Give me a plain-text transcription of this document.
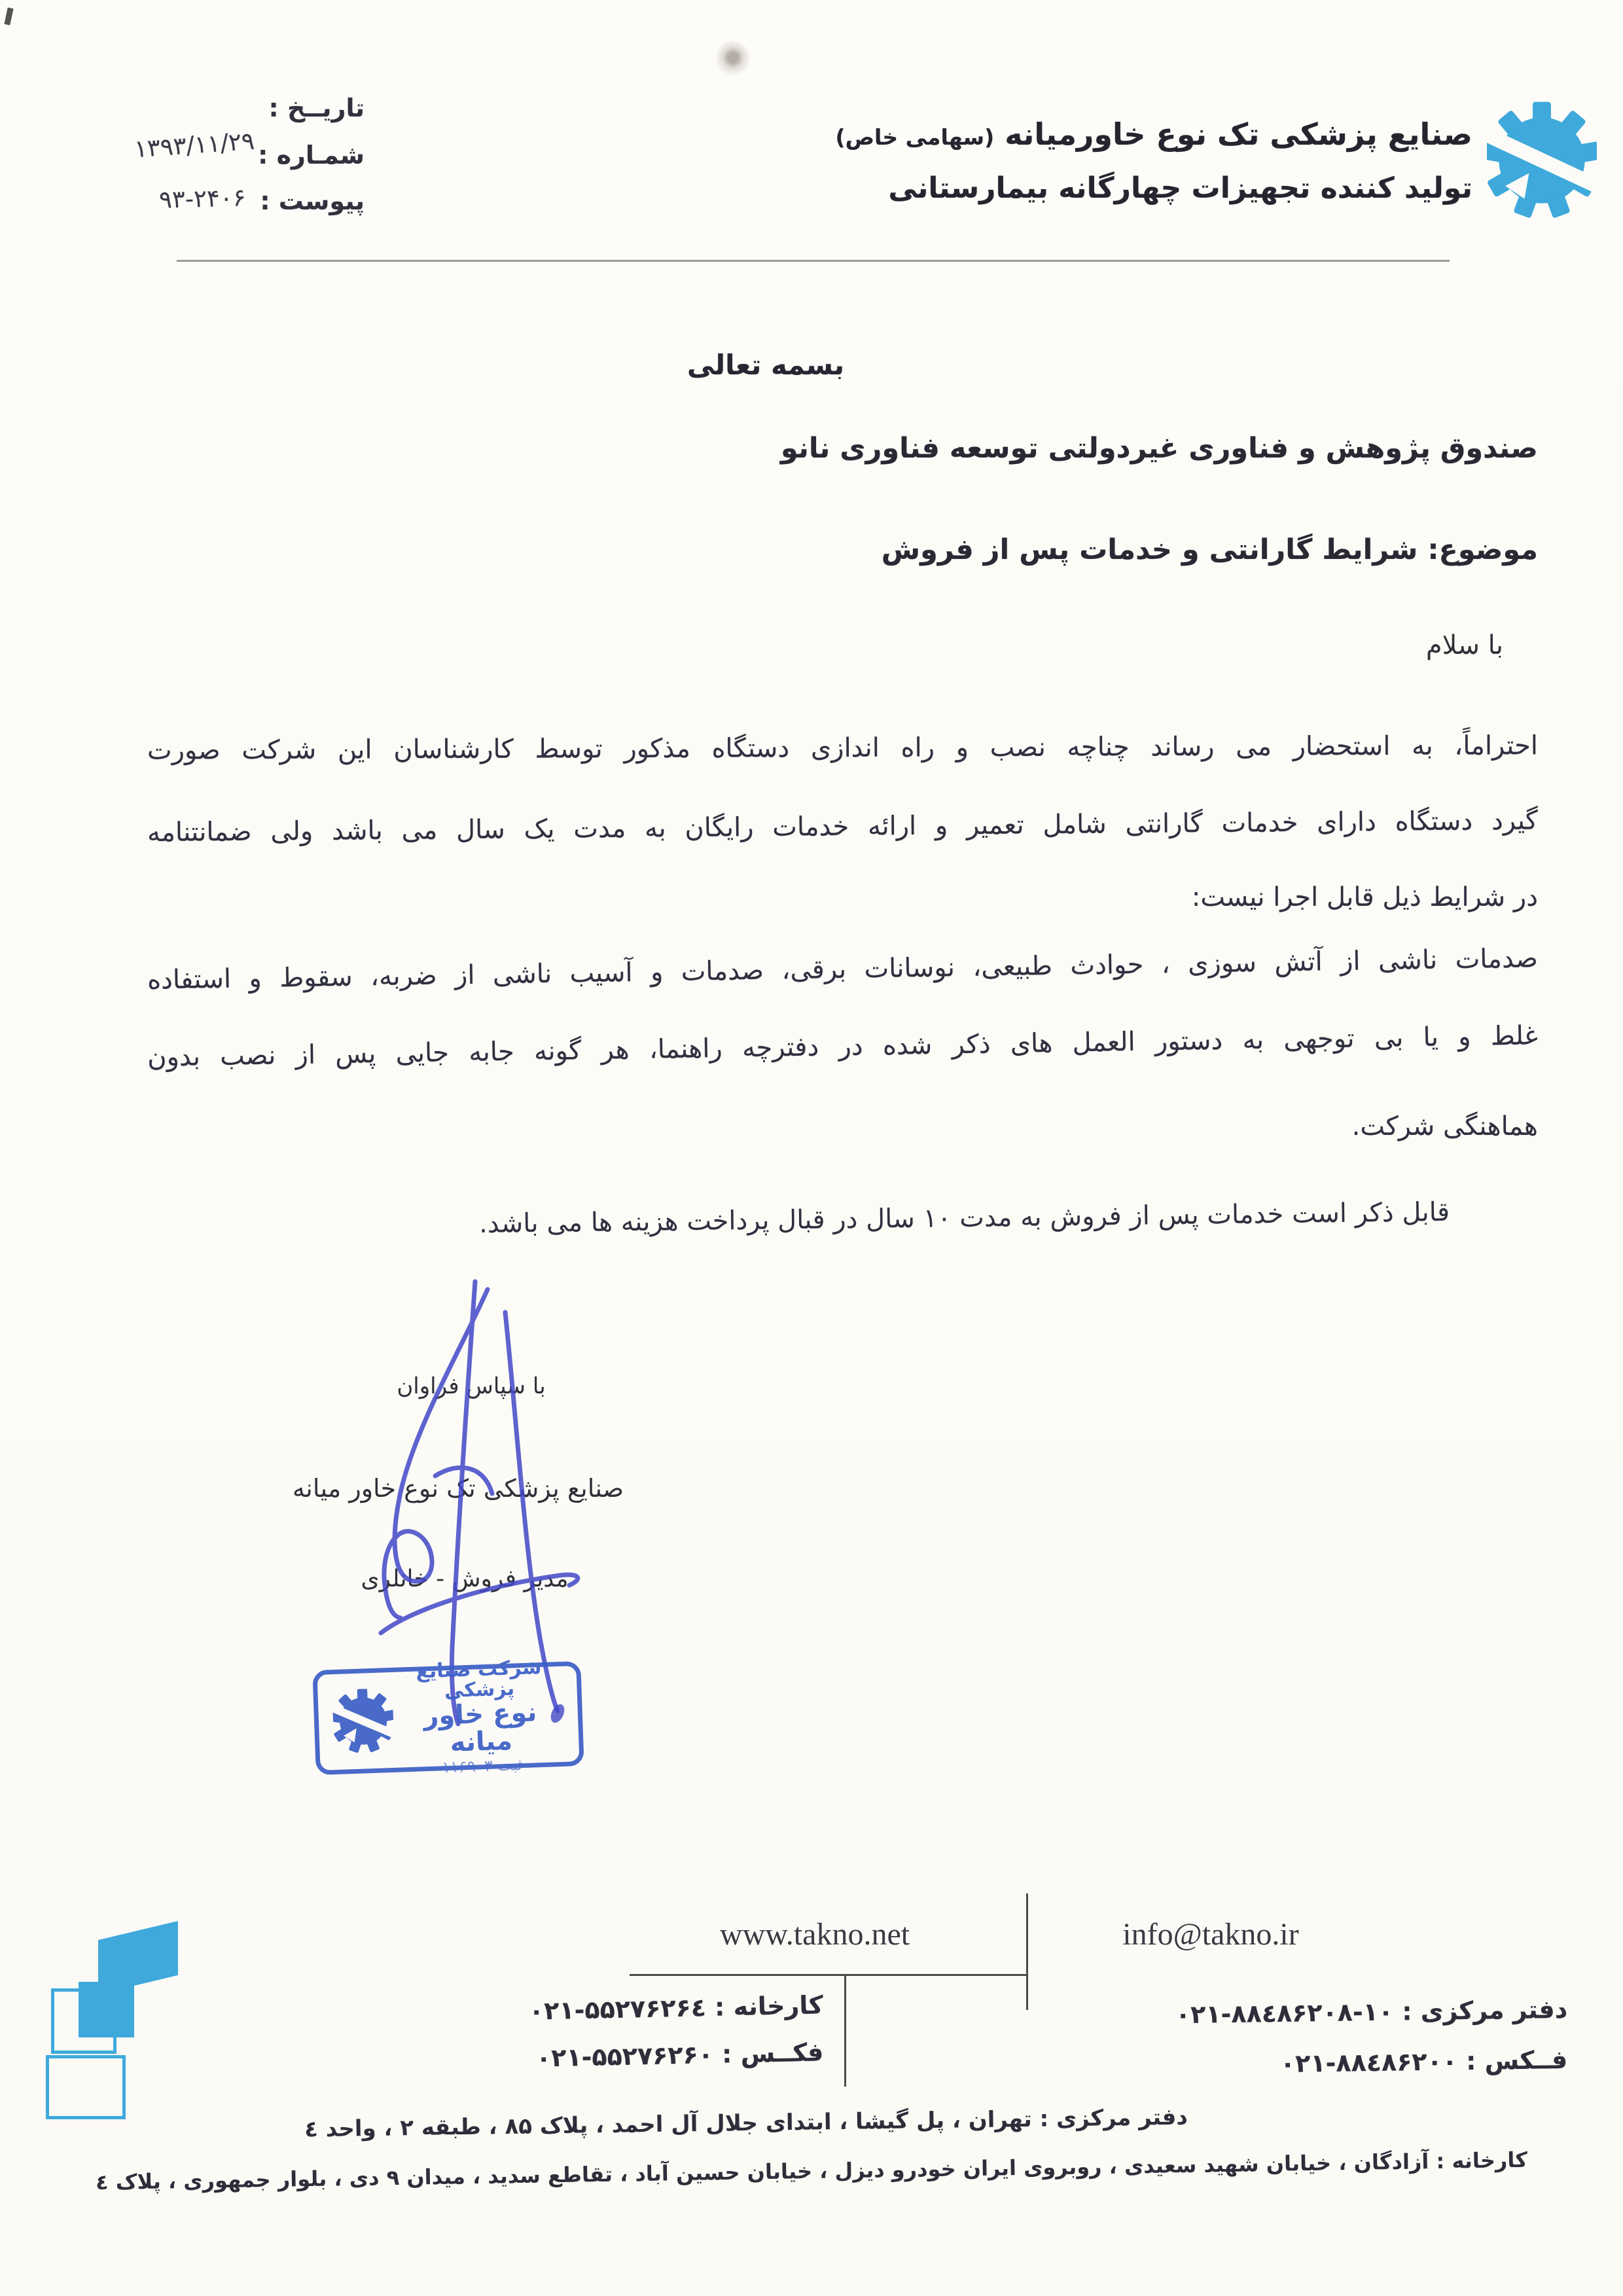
تاریــخ :
شمـاره :
پیوست :
۱۳۹۳/۱۱/۲۹
۹۳-۲۴۰۶
صنایع پزشکی تک نوع خاورمیانه (سهامی خاص)
تولید کننده تجهیزات چهارگانه بیمارستانی
بسمه تعالی
صندوق پژوهش و فناوری غیردولتی توسعه فناوری نانو
موضوع: شرایط گارانتی و خدمات پس از فروش
با سلام
احتراماً، به استحضار می رساند چناچه نصب و راه اندازی دستگاه مذکور توسط کارشناسان این شرکت صورت
گیرد دستگاه دارای خدمات گارانتی شامل تعمیر و ارائه خدمات رایگان به مدت یک سال می باشد ولی ضمانتنامه
در شرایط ذیل قابل اجرا نیست:
صدمات ناشی از آتش سوزی ، حوادث طبیعی، نوسانات برقی، صدمات و آسیب ناشی از ضربه، سقوط و استفاده
غلط و یا بی توجهی به دستور العمل های ذکر شده در دفترچه راهنما، هر گونه جابه جایی پس از نصب بدون
هماهنگی شرکت.
قابل ذکر است خدمات پس از فروش به مدت ۱۰ سال در قبال پرداخت هزینه ها می باشد.
با سپاس فراوان
صنایع پزشکی تک نوع خاور میانه
مدیر فروش - خانلری
شرکت صنایع پزشکی
نوع خاور میانه
ثبت ۱۱۶۹۰۳
www.takno.net	info@takno.ir
دفتر مرکزی : ۰۲۱-۸۸٤۸۶۲۰۸-۱۰
فــکس : ۰۲۱-۸۸٤۸۶۲۰۰
کارخانه : ۰۲۱-۵۵۲۷۶۲۶٤
فکــس : ۰۲۱-۵۵۲۷۶۲۶۰
دفتر مرکزی : تهران ، پل گیشا ، ابتدای جلال آل احمد ، پلاک ۸۵ ، طبقه ۲ ، واحد ٤
کارخانه : آزادگان ، خیابان شهید سعیدی ، روبروی ایران خودرو دیزل ، خیابان حسین آباد ، تقاطع سدید ، میدان ۹ دی ، بلوار جمهوری ، پلاک ٤
